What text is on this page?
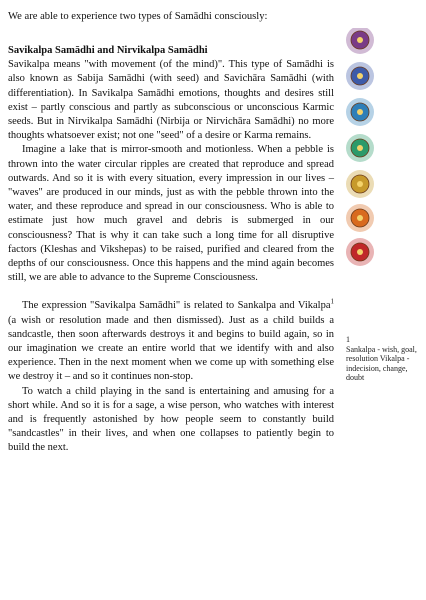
We are able to experience two types of Samādhi consciously:

Savikalpa Samādhi and Nirvikalpa Samādhi

Savikalpa means "with movement (of the mind)". This type of Samādhi is also known as Sabija Samādhi (with seed) and Savichāra Samādhi (with differentiation). In Savikalpa Samādhi emotions, thoughts and desires still exist – partly conscious and partly as subconscious or unconscious Karmic seeds. But in Nirvikalpa Samādhi (Nirbija or Nirvichāra Samādhi) no more thoughts whatsoever exist; not one "seed" of a desire or Karma remains.

Imagine a lake that is mirror-smooth and motionless. When a pebble is thrown into the water circular ripples are created that reproduce and spread outwards. And so it is with every situation, every impression in our lives – "waves" are produced in our minds, just as with the pebble thrown into the water, and these reproduce and spread in our consciousness. Who is able to estimate just how much gravel and debris is submerged in our consciousness? That is why it can take such a long time for all disruptive factors (Kleshas and Vikshepas) to be raised, purified and cleared from the depths of our consciousness. Once this happens and the mind again becomes still, we are able to advance to the Supreme Consciousness.

The expression "Savikalpa Samādhi" is related to Sankalpa and Vikalpa$^1$ (a wish or resolution made and then dismissed). Just as a child builds a sandcastle, then soon afterwards destroys it and begins to build again, so in our imagination we create an entire world that we identify with and also experience. Then in the next moment when we come up with something else we destroy it – and so it continues non-stop.

To watch a child playing in the sand is entertaining and amusing for a short while. And so it is for a sage, a wise person, who watches with interest and is frequently astonished by how people seem to constantly build "sandcastles" in their lives, and when one collapses to patiently begin to build the next.

1
Sankalpa - wish, goal, resolution Vikalpa - indecision, change, doubt
